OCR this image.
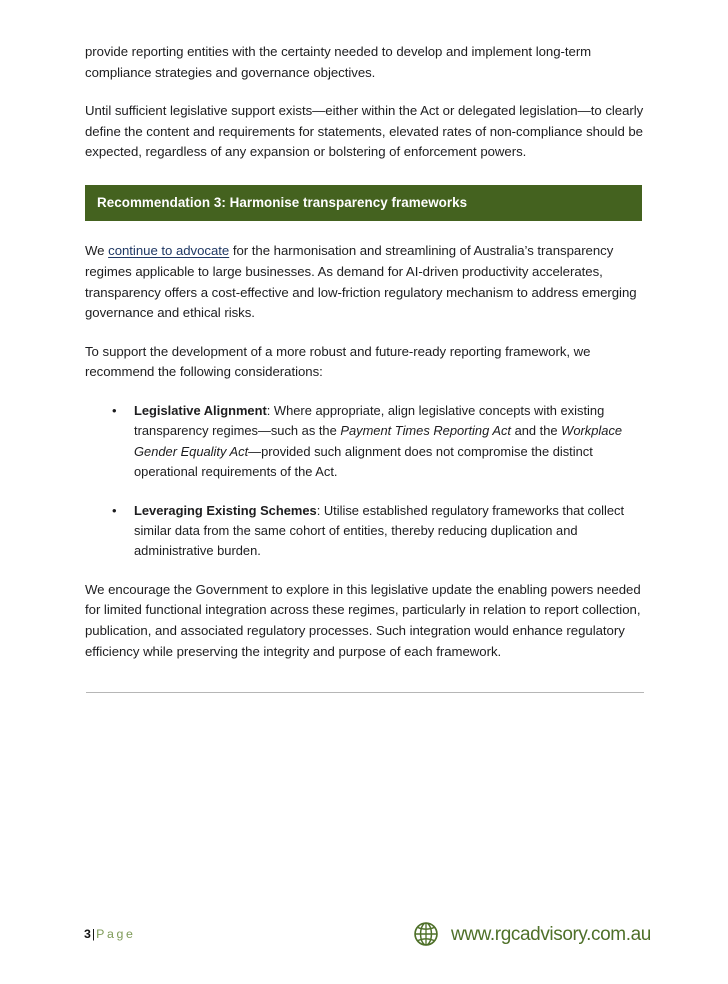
provide reporting entities with the certainty needed to develop and implement long-term compliance strategies and governance objectives.

Until sufficient legislative support exists—either within the Act or delegated legislation—to clearly define the content and requirements for statements, elevated rates of non-compliance should be expected, regardless of any expansion or bolstering of enforcement powers.

Recommendation 3: Harmonise transparency frameworks

We continue to advocate for the harmonisation and streamlining of Australia’s transparency regimes applicable to large businesses. As demand for AI-driven productivity accelerates, transparency offers a cost-effective and low-friction regulatory mechanism to address emerging governance and ethical risks.

To support the development of a more robust and future-ready reporting framework, we recommend the following considerations:

• Legislative Alignment: Where appropriate, align legislative concepts with existing transparency regimes—such as the Payment Times Reporting Act and the Workplace Gender Equality Act—provided such alignment does not compromise the distinct operational requirements of the Act.
• Leveraging Existing Schemes: Utilise established regulatory frameworks that collect similar data from the same cohort of entities, thereby reducing duplication and administrative burden.

We encourage the Government to explore in this legislative update the enabling powers needed for limited functional integration across these regimes, particularly in relation to report collection, publication, and associated regulatory processes. Such integration would enhance regulatory efficiency while preserving the integrity and purpose of each framework.

3|Page	www.rgcadvisory.com.au
